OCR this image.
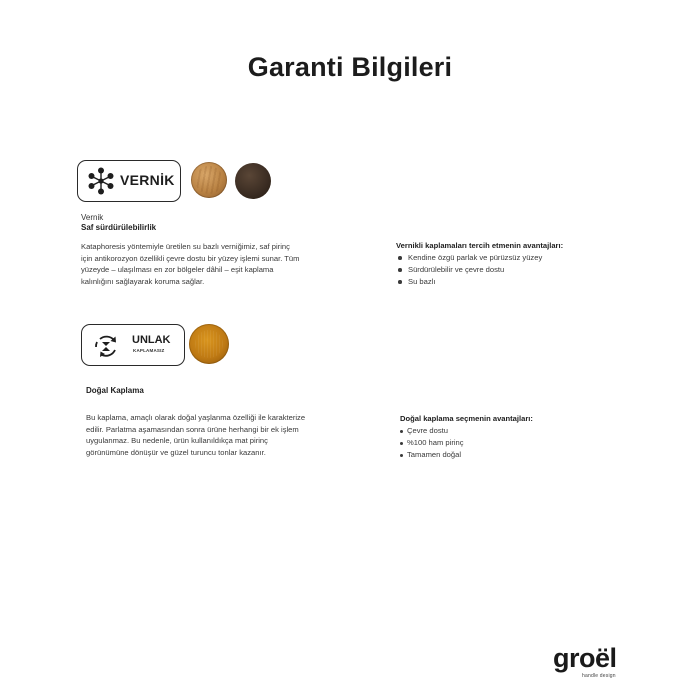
Garanti Bilgileri
VERNİK
Vernik
Saf sürdürülebilirlik
Kataphoresis yöntemiyle üretilen su bazlı verniğimiz, saf pirinç
için antikorozyon özellikli çevre dostu bir yüzey işlemi sunar. Tüm
yüzeyde – ulaşılması en zor bölgeler dâhil – eşit kaplama
kalınlığını sağlayarak koruma sağlar.
Vernikli kaplamaları tercih etmenin avantajları:
Kendine özgü parlak ve pürüzsüz yüzey
Sürdürülebilir ve çevre dostu
Su bazlı
UNLAK
KAPLAMASIZ
Doğal Kaplama
Bu kaplama, amaçlı olarak doğal yaşlanma özelliği ile karakterize
edilir. Parlatma aşamasından sonra ürüne herhangi bir ek işlem
uygulanmaz. Bu nedenle, ürün kullanıldıkça mat pirinç
görünümüne dönüşür ve güzel turuncu tonlar kazanır.
Doğal kaplama seçmenin avantajları:
Çevre dostu
%100 ham pirinç
Tamamen doğal
groël
handle design
